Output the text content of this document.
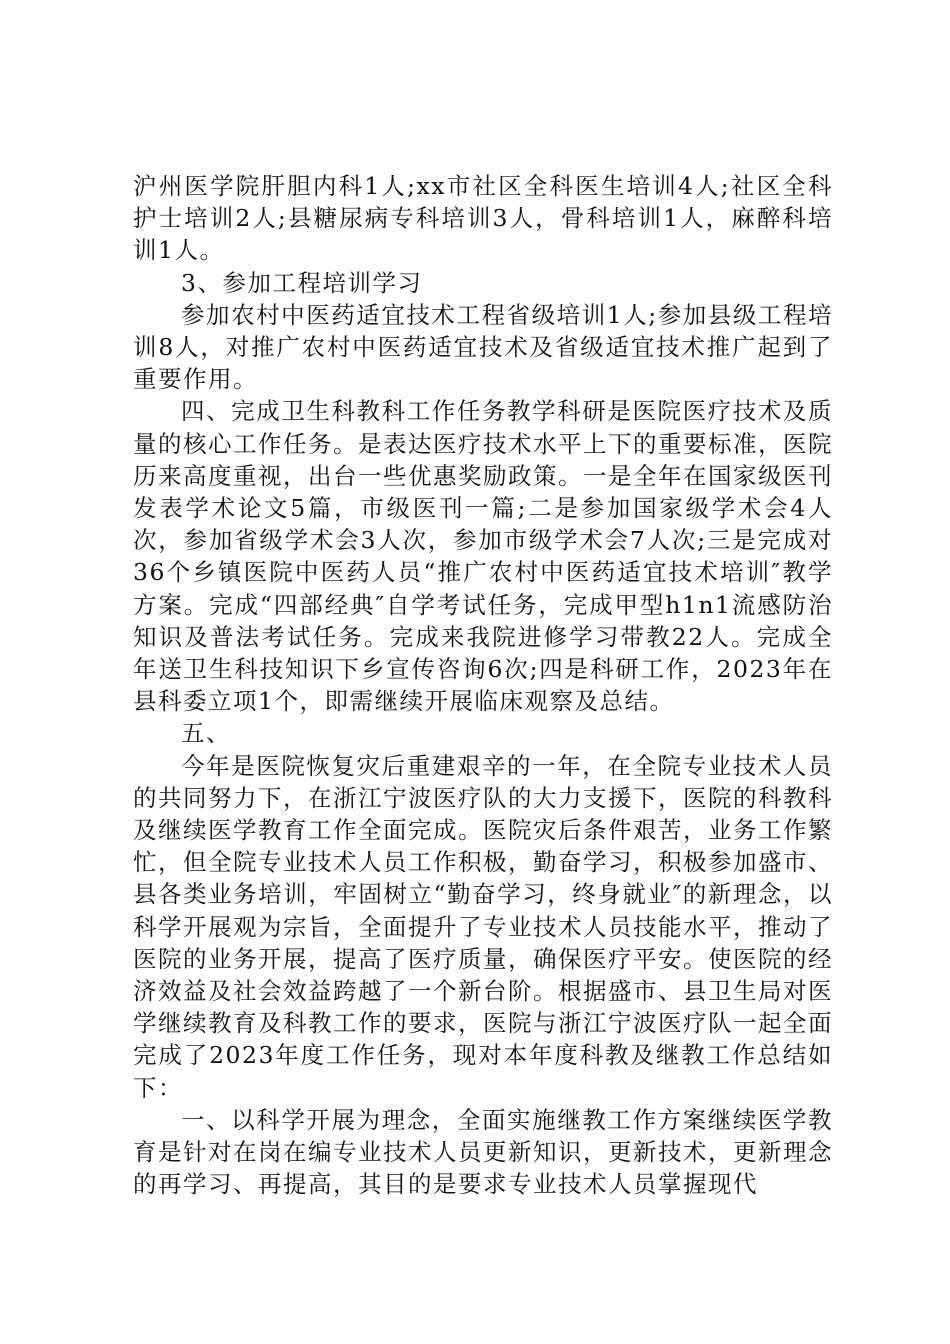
沪州医学院肝胆内科1人;xx市社区全科医生培训4人;社区全科护士培训2人;县糖尿病专科培训3人，骨科培训1人，麻醉科培训1人。

3、参加工程培训学习

参加农村中医药适宜技术工程省级培训1人;参加县级工程培训8人，对推广农村中医药适宜技术及省级适宜技术推广起到了重要作用。

四、完成卫生科教科工作任务教学科研是医院医疗技术及质量的核心工作任务。是表达医疗技术水平上下的重要标准，医院历来高度重视，出台一些优惠奖励政策。一是全年在国家级医刊发表学术论文5篇，市级医刊一篇;二是参加国家级学术会4人次，参加省级学术会3人次，参加市级学术会7人次;三是完成对36个乡镇医院中医药人员“推广农村中医药适宜技术培训″教学方案。完成“四部经典″自学考试任务，完成甲型h1n1流感防治知识及普法考试任务。完成来我院进修学习带教22人。完成全年送卫生科技知识下乡宣传咨询6次;四是科研工作，2023年在县科委立项1个，即需继续开展临床观察及总结。

五、

今年是医院恢复灾后重建艰辛的一年，在全院专业技术人员的共同努力下，在浙江宁波医疗队的大力支援下，医院的科教科及继续医学教育工作全面完成。医院灾后条件艰苦，业务工作繁忙，但全院专业技术人员工作积极，勤奋学习，积极参加盛市、县各类业务培训，牢固树立“勤奋学习，终身就业″的新理念，以科学开展观为宗旨，全面提升了专业技术人员技能水平，推动了医院的业务开展，提高了医疗质量，确保医疗平安。使医院的经济效益及社会效益跨越了一个新台阶。根据盛市、县卫生局对医学继续教育及科教工作的要求，医院与浙江宁波医疗队一起全面完成了2023年度工作任务，现对本年度科教及继教工作总结如下：

一、以科学开展为理念，全面实施继教工作方案继续医学教育是针对在岗在编专业技术人员更新知识，更新技术，更新理念的再学习、再提高，其目的是要求专业技术人员掌握现代
